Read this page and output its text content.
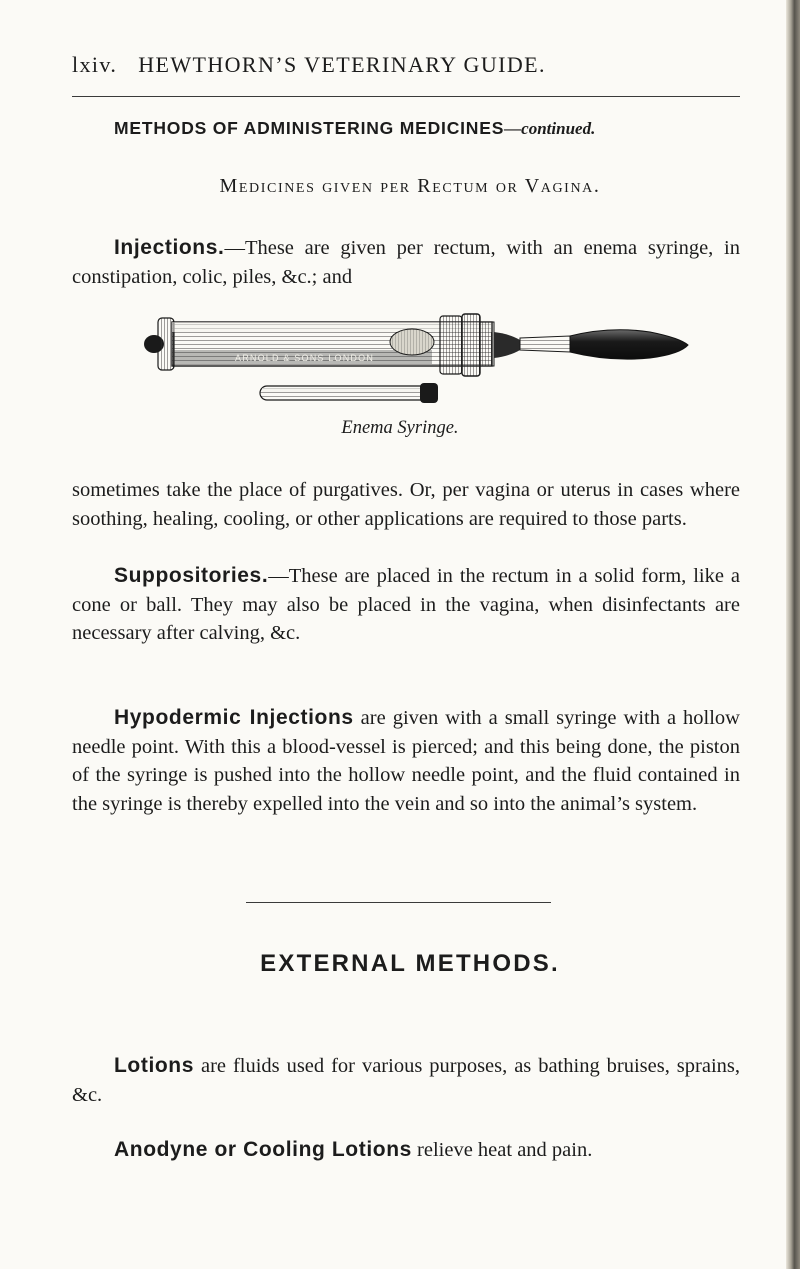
lxiv. HEWTHORN’S VETERINARY GUIDE.
METHODS OF ADMINISTERING MEDICINES—continued.
Medicines given per Rectum or Vagina.

Injections.—These are given per rectum, with an enema syringe, in constipation, colic, piles, &c.; and

ARNOLD & SONS LONDON
Enema Syringe.

sometimes take the place of purgatives. Or, per vagina or uterus in cases where soothing, healing, cooling, or other applications are required to those parts.

Suppositories.—These are placed in the rectum in a solid form, like a cone or ball. They may also be placed in the vagina, when disinfectants are necessary after calving, &c.

Hypodermic Injections are given with a small syringe with a hollow needle point. With this a blood-vessel is pierced; and this being done, the piston of the syringe is pushed into the hollow needle point, and the fluid contained in the syringe is thereby expelled into the vein and so into the animal’s system.

EXTERNAL METHODS.

Lotions are fluids used for various purposes, as bathing bruises, sprains, &c.

Anodyne or Cooling Lotions relieve heat and pain.
